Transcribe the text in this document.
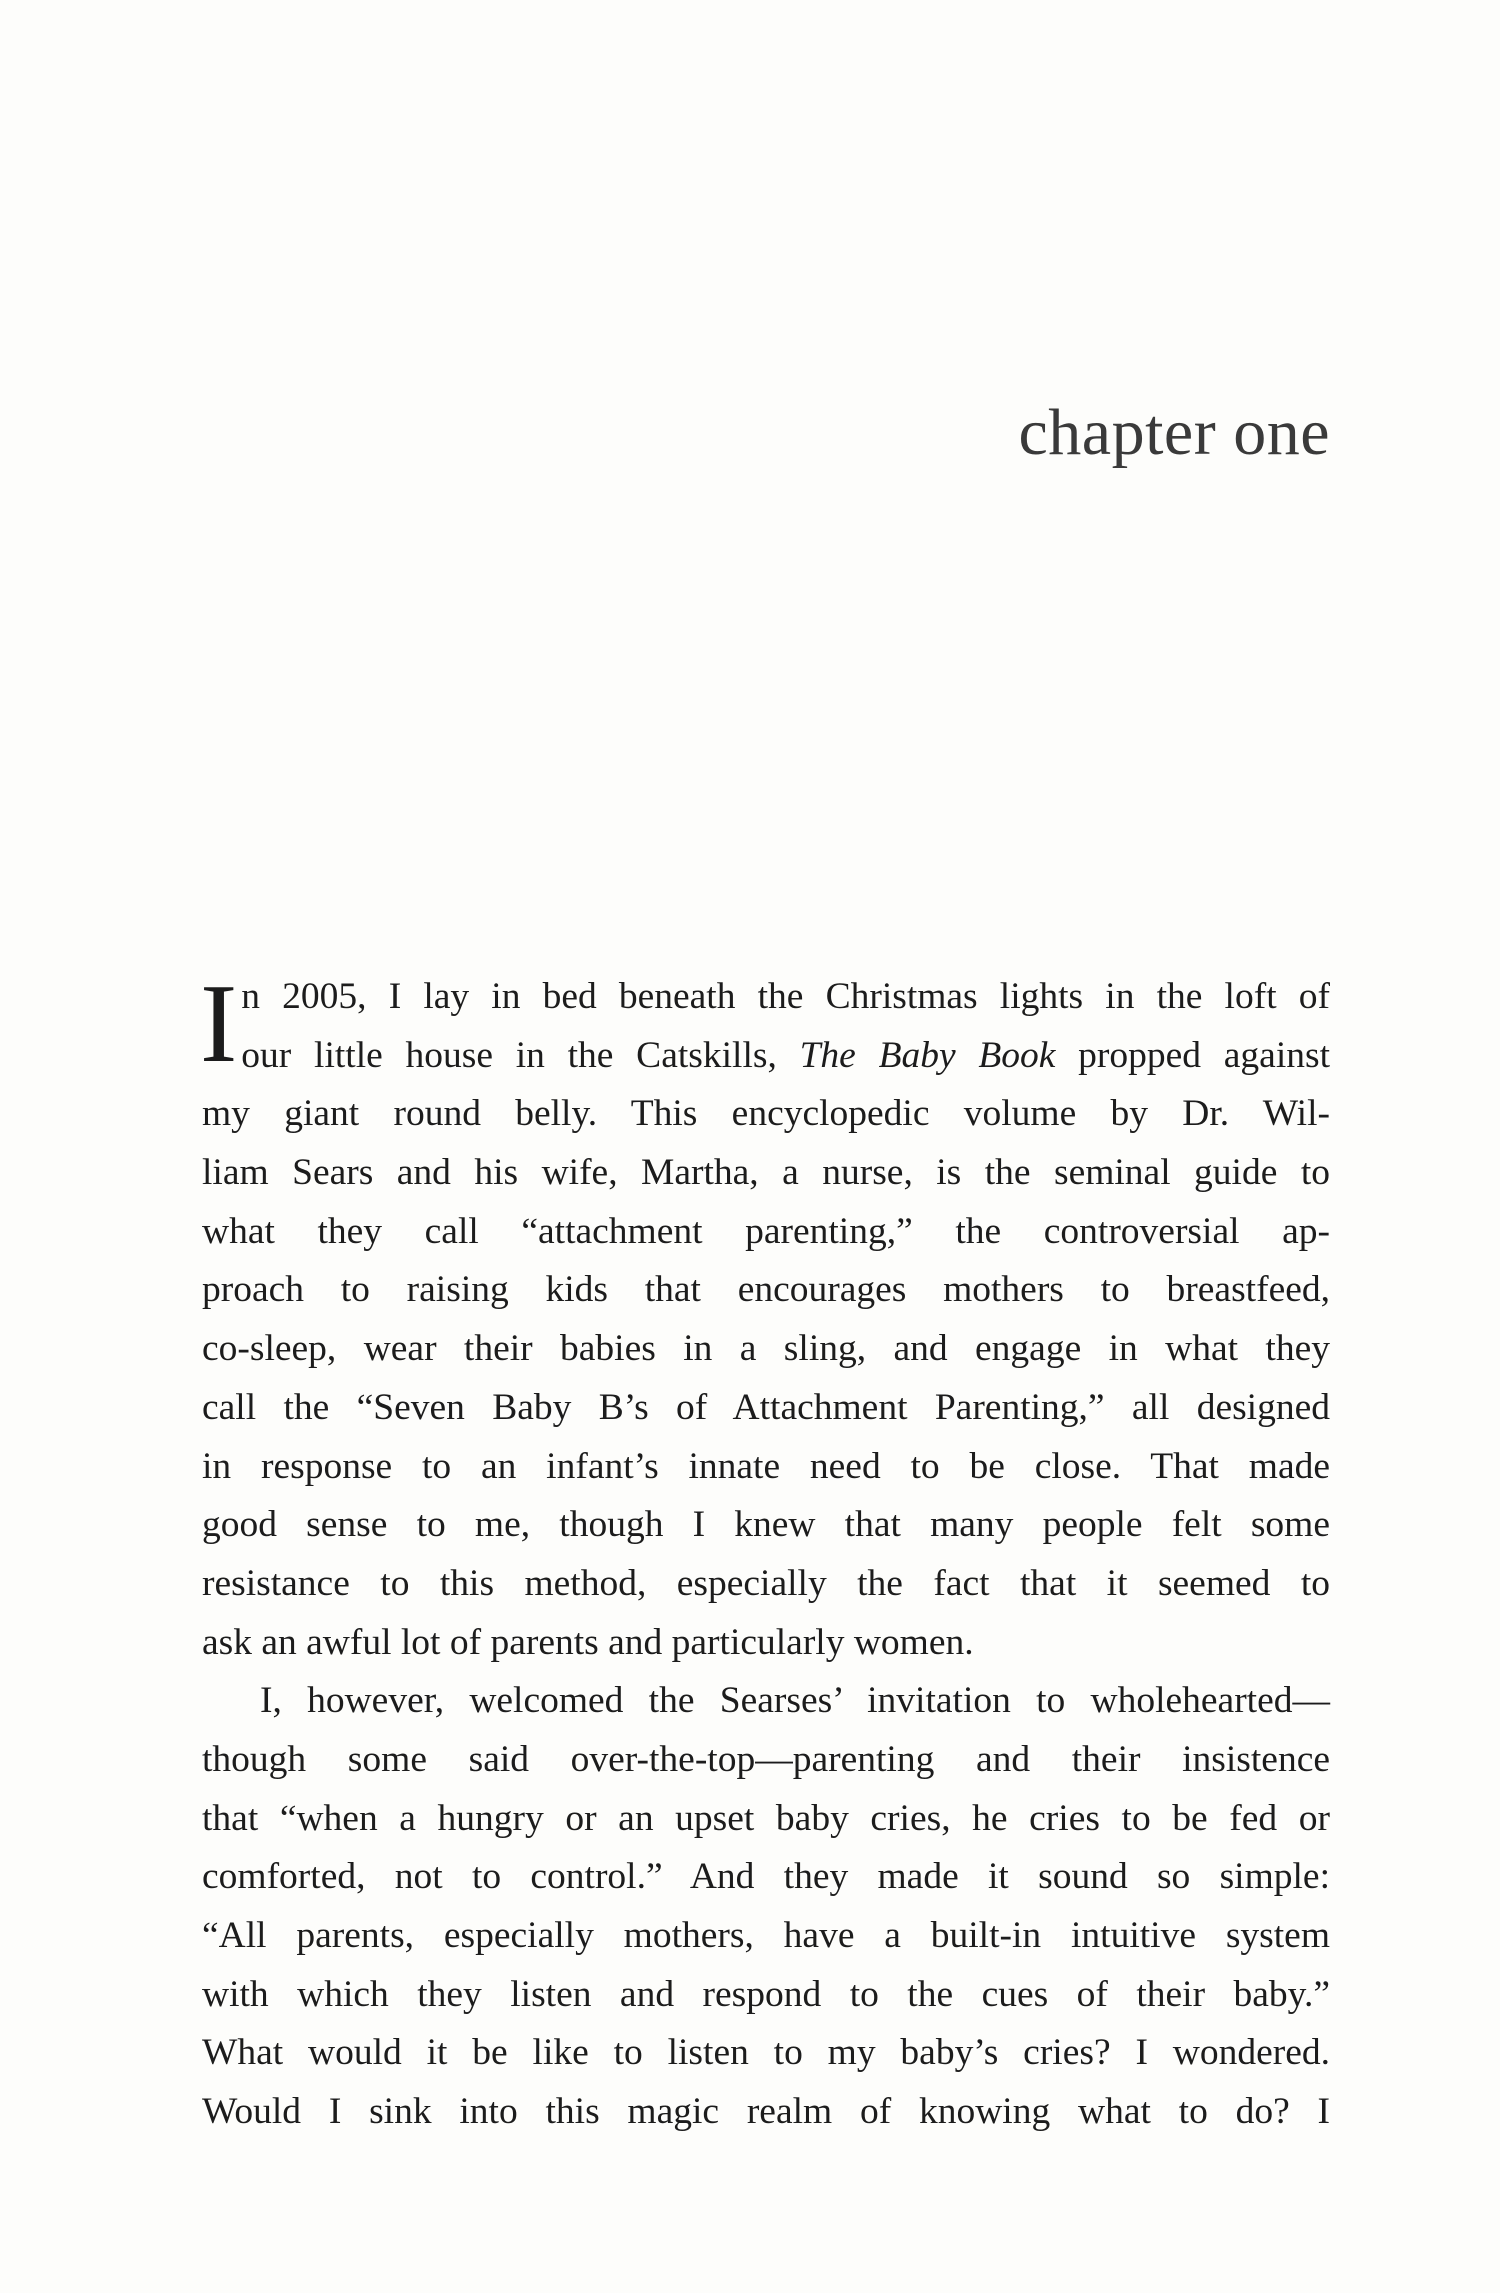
chapter one
I n 2005, I lay in bed beneath the Christmas lights in the loft of
our little house in the Catskills, The Baby Book propped against
my giant round belly. This encyclopedic volume by Dr. Wil-
liam Sears and his wife, Martha, a nurse, is the seminal guide to
what they call “attachment parenting,” the controversial ap-
proach to raising kids that encourages mothers to breastfeed,
co-sleep, wear their babies in a sling, and engage in what they
call the “Seven Baby B’s of Attachment Parenting,” all designed
in response to an infant’s innate need to be close. That made
good sense to me, though I knew that many people felt some
resistance to this method, especially the fact that it seemed to
ask an awful lot of parents and particularly women.
I, however, welcomed the Searses’ invitation to wholehearted—
though some said over-the-top—parenting and their insistence
that “when a hungry or an upset baby cries, he cries to be fed or
comforted, not to control.” And they made it sound so simple:
“All parents, especially mothers, have a built-in intuitive system
with which they listen and respond to the cues of their baby.”
What would it be like to listen to my baby’s cries? I wondered.
Would I sink into this magic realm of knowing what to do? I
